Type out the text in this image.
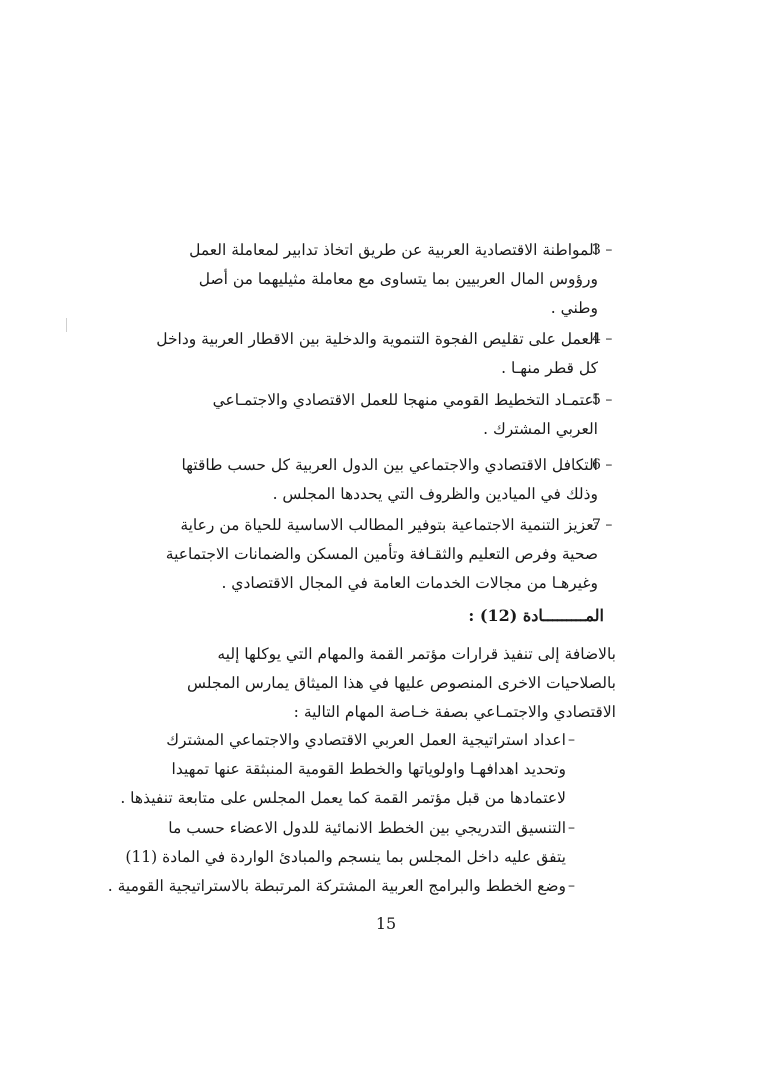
3 –
المواطنة الاقتصادية العربية عن طريق اتخاذ تدابير لمعاملة العمل
ورؤوس المال العربيين بما يتساوى مع معاملة مثيليهما من أصل
وطني .
4 –
العمل على تقليص الفجوة التنموية والدخلية بين الاقطار العربية وداخل
كل قطر منهـا .
5 –
اعتمـاد التخطيط القومي منهجا للعمل الاقتصادي والاجتمـاعي
العربي المشترك .
6 –
التكافل الاقتصادي والاجتماعي بين الدول العربية كل حسب طاقتها
وذلك في الميادين والظروف التي يحددها المجلس .
7 –
تعزيز التنمية الاجتماعية بتوفير المطالب الاساسية للحياة من رعاية
صحية وفرص التعليم والثقـافة وتأمين المسكن والضمانات الاجتماعية
وغيرهـا من مجالات الخدمات العامة في المجال الاقتصادي .
المـــــــــادة (12) :
بالاضافة إلى تنفيذ قرارات مؤتمر القمة والمهام التي يوكلها إليه
بالصلاحيات الاخرى المنصوص عليها في هذا الميثاق يمارس المجلس
الاقتصادي والاجتمـاعي بصفة خـاصة المهام التالية :
–
اعداد استراتيجية العمل العربي الاقتصادي والاجتماعي المشترك
وتحديد اهدافهـا واولوياتها والخطط القومية المنبثقة عنها تمهيدا
لاعتمادها من قبل مؤتمر القمة كما يعمل المجلس على متابعة تنفيذها .
–
التنسيق التدريجي بين الخطط الانمائية للدول الاعضاء حسب ما
يتفق عليه داخل المجلس بما ينسجم والمبادئ الواردة في المادة (11)
–
وضع الخطط والبرامج العربية المشتركة المرتبطة بالاستراتيجية القومية .
15
